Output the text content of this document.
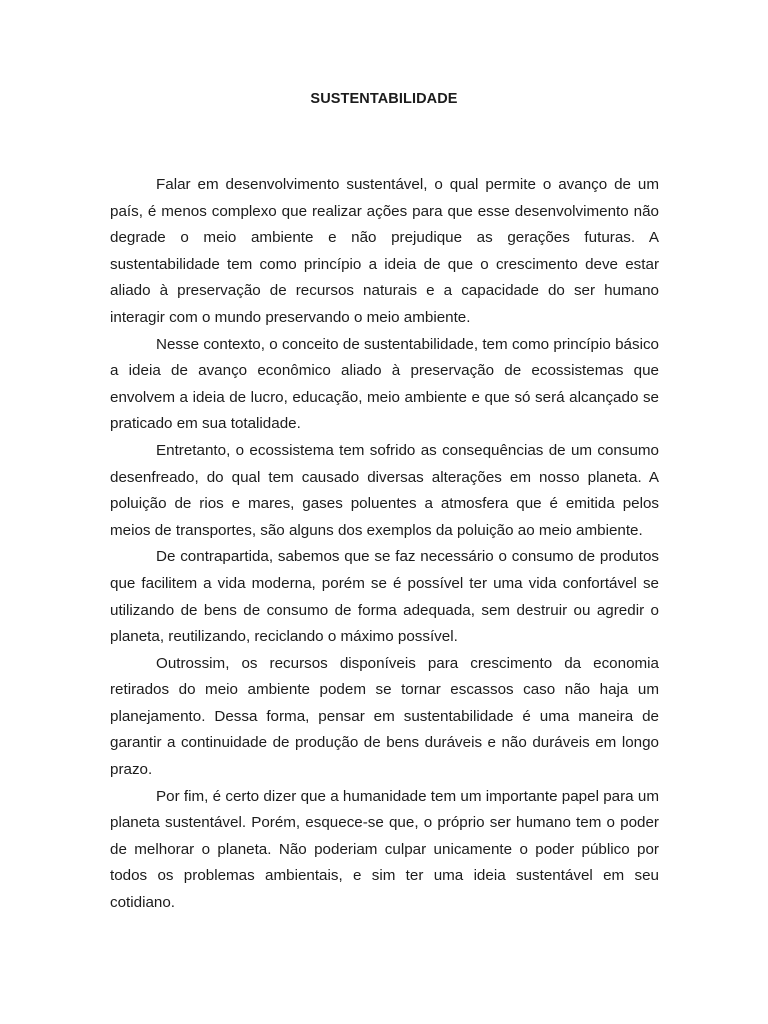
SUSTENTABILIDADE

Falar em desenvolvimento sustentável, o qual permite o avanço de um país, é menos complexo que realizar ações para que esse desenvolvimento não degrade o meio ambiente e não prejudique as gerações futuras. A sustentabilidade tem como princípio a ideia de que o crescimento deve estar aliado à preservação de recursos naturais e a capacidade do ser humano interagir com o mundo preservando o meio ambiente.

Nesse contexto, o conceito de sustentabilidade, tem como princípio básico a ideia de avanço econômico aliado à preservação de ecossistemas que envolvem a ideia de lucro, educação, meio ambiente e que só será alcançado se praticado em sua totalidade.

Entretanto, o ecossistema tem sofrido as consequências de um consumo desenfreado, do qual tem causado diversas alterações em nosso planeta. A poluição de rios e mares, gases poluentes a atmosfera que é emitida pelos meios de transportes, são alguns dos exemplos da poluição ao meio ambiente.

De contrapartida, sabemos que se faz necessário o consumo de produtos que facilitem a vida moderna, porém se é possível ter uma vida confortável se utilizando de bens de consumo de forma adequada, sem destruir ou agredir o planeta, reutilizando, reciclando o máximo possível.

Outrossim, os recursos disponíveis para crescimento da economia retirados do meio ambiente podem se tornar escassos caso não haja um planejamento. Dessa forma, pensar em sustentabilidade é uma maneira de garantir a continuidade de produção de bens duráveis e não duráveis em longo prazo.

Por fim, é certo dizer que a humanidade tem um importante papel para um planeta sustentável. Porém, esquece-se que, o próprio ser humano tem o poder de melhorar o planeta. Não poderiam culpar unicamente o poder público por todos os problemas ambientais, e sim ter uma ideia sustentável em seu cotidiano.
